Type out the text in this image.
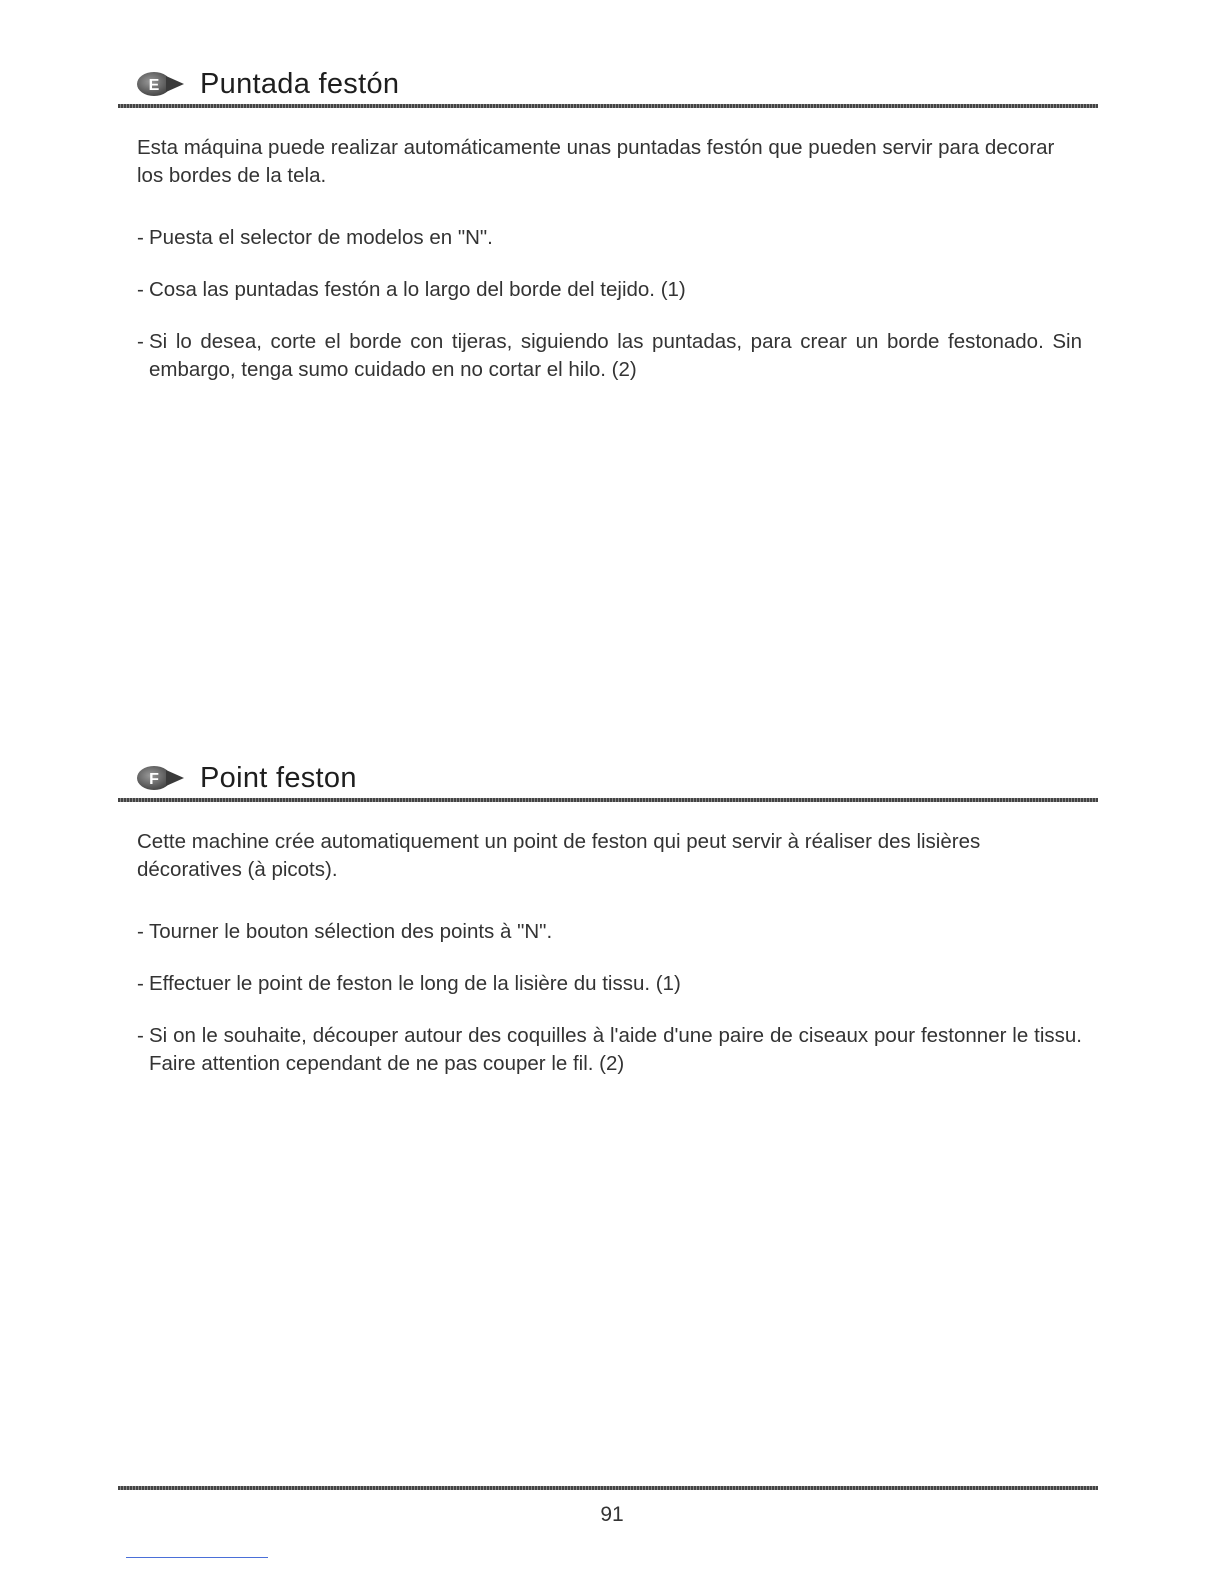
E Puntada festón

Esta máquina puede realizar automáticamente unas puntadas festón que pueden servir para decorar los bordes de la tela.

- Puesta el selector de modelos en "N".
- Cosa las puntadas festón a lo largo del borde del tejido. (1)
- Si lo desea, corte el borde con tijeras, siguiendo las puntadas, para crear un borde festonado. Sin embargo, tenga sumo cuidado en no cortar el hilo. (2)
F Point feston

Cette machine crée automatiquement un point de feston qui peut servir à réaliser des lisières décoratives (à picots).

- Tourner le bouton sélection des points à "N".
- Effectuer le point de feston le long de la lisière du tissu. (1)
- Si on le souhaite, découper autour des coquilles à l'aide d'une paire de ciseaux pour festonner le tissu. Faire attention cependant de ne pas couper le fil. (2)
91
